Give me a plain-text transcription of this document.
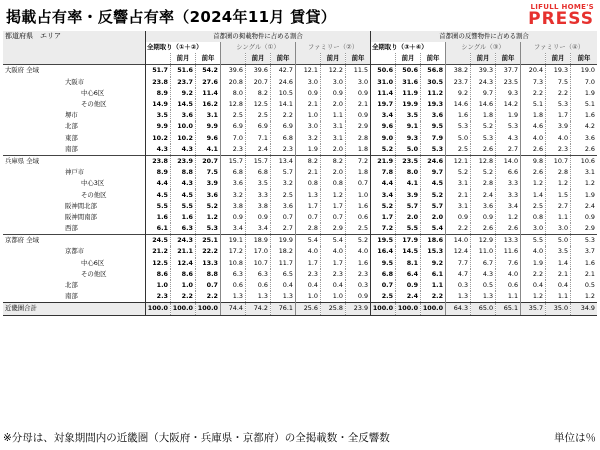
掲載占有率・反響占有率（2024年11月 賃貸）
LIFULL HOME'S
PRESS
都道府県　エリア	首都圏の掲載物件に占める割合									首都圏の反響物件に占める割合								
	全期取り（①＋②）			シングル（①）			ファミリー（②）			全期取り（③＋④）			シングル（③）			ファミリー（④）		
		前月	前年		前月	前年		前月	前年		前月	前年		前月	前年		前月	前年
大阪府 全域	51.7	51.6	54.2	39.6	39.6	42.7	12.1	12.2	11.5	50.6	50.6	56.8	38.2	39.3	37.7	20.4	19.3	19.0
大阪市	23.8	23.7	27.6	20.8	20.7	24.6	3.0	3.0	3.0	31.0	31.6	30.5	23.7	24.3	23.5	7.3	7.5	7.0
中心6区	8.9	9.2	11.4	8.0	8.2	10.5	0.9	0.9	0.9	11.4	11.9	11.2	9.2	9.7	9.3	2.2	2.2	1.9
その他区	14.9	14.5	16.2	12.8	12.5	14.1	2.1	2.0	2.1	19.7	19.9	19.3	14.6	14.6	14.2	5.1	5.3	5.1
堺市	3.5	3.6	3.1	2.5	2.5	2.2	1.0	1.1	0.9	3.4	3.5	3.6	1.6	1.8	1.9	1.8	1.7	1.6
北部	9.9	10.0	9.9	6.9	6.9	6.9	3.0	3.1	2.9	9.6	9.1	9.5	5.3	5.2	5.3	4.6	3.9	4.2
東部	10.2	10.2	9.6	7.0	7.1	6.8	3.2	3.1	2.8	9.0	9.3	7.9	5.0	5.3	4.3	4.0	4.0	3.6
南部	4.3	4.3	4.1	2.3	2.4	2.3	1.9	2.0	1.8	5.2	5.0	5.3	2.5	2.6	2.7	2.6	2.3	2.6
兵庫県 全域	23.8	23.9	20.7	15.7	15.7	13.4	8.2	8.2	7.2	21.9	23.5	24.6	12.1	12.8	14.0	9.8	10.7	10.6
神戸市	8.9	8.8	7.5	6.8	6.8	5.7	2.1	2.0	1.8	7.8	8.0	9.7	5.2	5.2	6.6	2.6	2.8	3.1
中心3区	4.4	4.3	3.9	3.6	3.5	3.2	0.8	0.8	0.7	4.4	4.1	4.5	3.1	2.8	3.3	1.2	1.2	1.2
その他区	4.5	4.5	3.6	3.2	3.3	2.5	1.3	1.2	1.0	3.4	3.9	5.2	2.1	2.4	3.3	1.4	1.5	1.9
阪神間北部	5.5	5.5	5.2	3.8	3.8	3.6	1.7	1.7	1.6	5.2	5.7	5.7	3.1	3.6	3.4	2.5	2.7	2.4
阪神間南部	1.6	1.6	1.2	0.9	0.9	0.7	0.7	0.7	0.6	1.7	2.0	2.0	0.9	0.9	1.2	0.8	1.1	0.9
西部	6.1	6.3	5.3	3.4	3.4	2.7	2.8	2.9	2.5	7.2	5.5	5.4	2.2	2.6	2.6	3.0	3.0	2.9
京都府 全域	24.5	24.3	25.1	19.1	18.9	19.9	5.4	5.4	5.2	19.5	17.9	18.6	14.0	12.9	13.3	5.5	5.0	5.3
京都市	21.2	21.1	22.2	17.2	17.0	18.2	4.0	4.0	4.0	16.4	14.5	15.3	12.4	11.0	11.6	4.0	3.5	3.7
中心6区	12.5	12.4	13.3	10.8	10.7	11.7	1.7	1.7	1.6	9.5	8.1	9.2	7.7	6.7	7.6	1.9	1.4	1.6
その他区	8.6	8.6	8.8	6.3	6.3	6.5	2.3	2.3	2.3	6.8	6.4	6.1	4.7	4.3	4.0	2.2	2.1	2.1
北部	1.0	1.0	0.7	0.6	0.6	0.4	0.4	0.4	0.3	0.7	0.9	1.1	0.3	0.5	0.6	0.4	0.4	0.5
南部	2.3	2.2	2.2	1.3	1.3	1.3	1.0	1.0	0.9	2.5	2.4	2.2	1.3	1.3	1.1	1.2	1.1	1.2
近畿圏合計	100.0	100.0	100.0	74.4	74.2	76.1	25.6	25.8	23.9	100.0	100.0	100.0	64.3	65.0	65.1	35.7	35.0	34.9
※分母は、対象期間内の近畿圏（大阪府・兵庫県・京都府）の全掲載数・全反響数	単位は％
